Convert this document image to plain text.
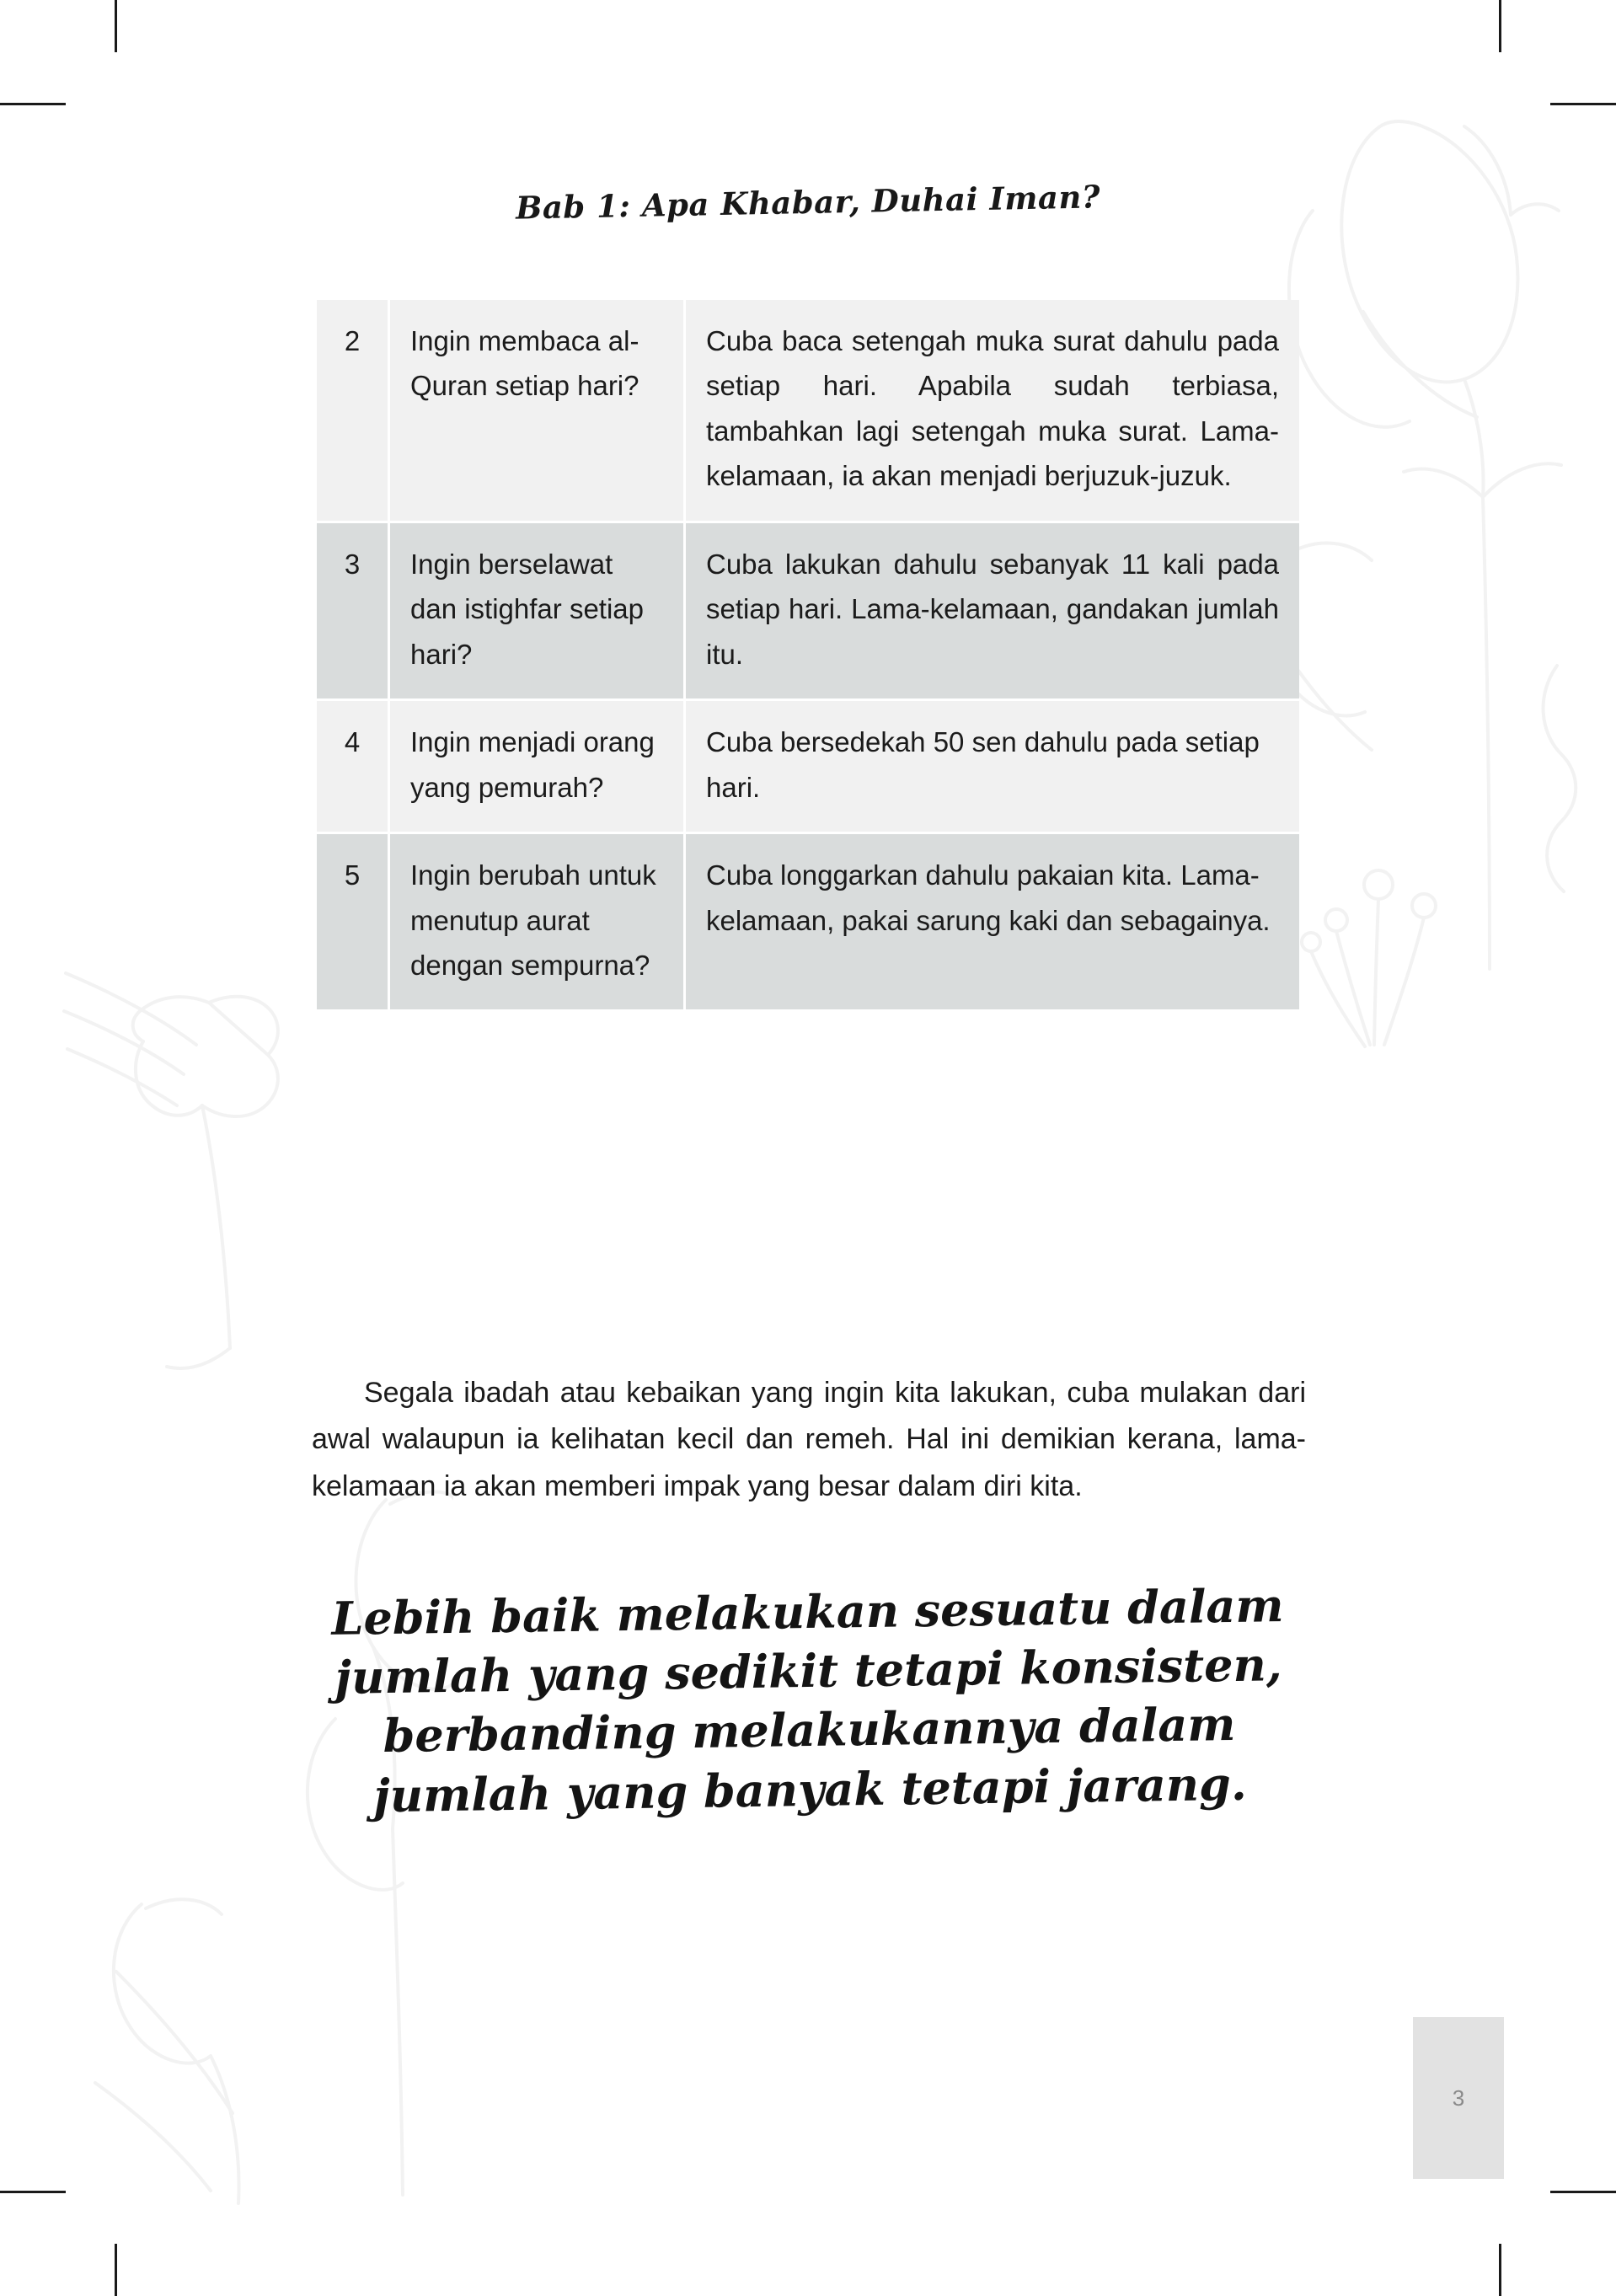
Bab 1: Apa Khabar, Duhai Iman?
2	Ingin membaca al-Quran setiap hari?	Cuba baca setengah muka surat dahulu pada setiap hari. Apabila sudah terbiasa, tambahkan lagi setengah muka surat. Lama-kelamaan, ia akan menjadi berjuzuk-juzuk.
3	Ingin berselawat dan istighfar setiap hari?	Cuba lakukan dahulu sebanyak 11 kali pada setiap hari. Lama-kelamaan, gandakan jumlah itu.
4	Ingin menjadi orang yang pemurah?	Cuba bersedekah 50 sen dahulu pada setiap hari.
5	Ingin berubah untuk menutup aurat dengan sempurna?	Cuba longgarkan dahulu pakaian kita. Lama-kelamaan, pakai sarung kaki dan sebagainya.

Segala ibadah atau kebaikan yang ingin kita lakukan, cuba mulakan dari awal walaupun ia kelihatan kecil dan remeh. Hal ini demikian kerana, lama-kelamaan ia akan memberi impak yang besar dalam diri kita.

Lebih baik melakukan sesuatu dalam
jumlah yang sedikit tetapi konsisten,
berbanding melakukannya dalam
jumlah yang banyak tetapi jarang.
3
